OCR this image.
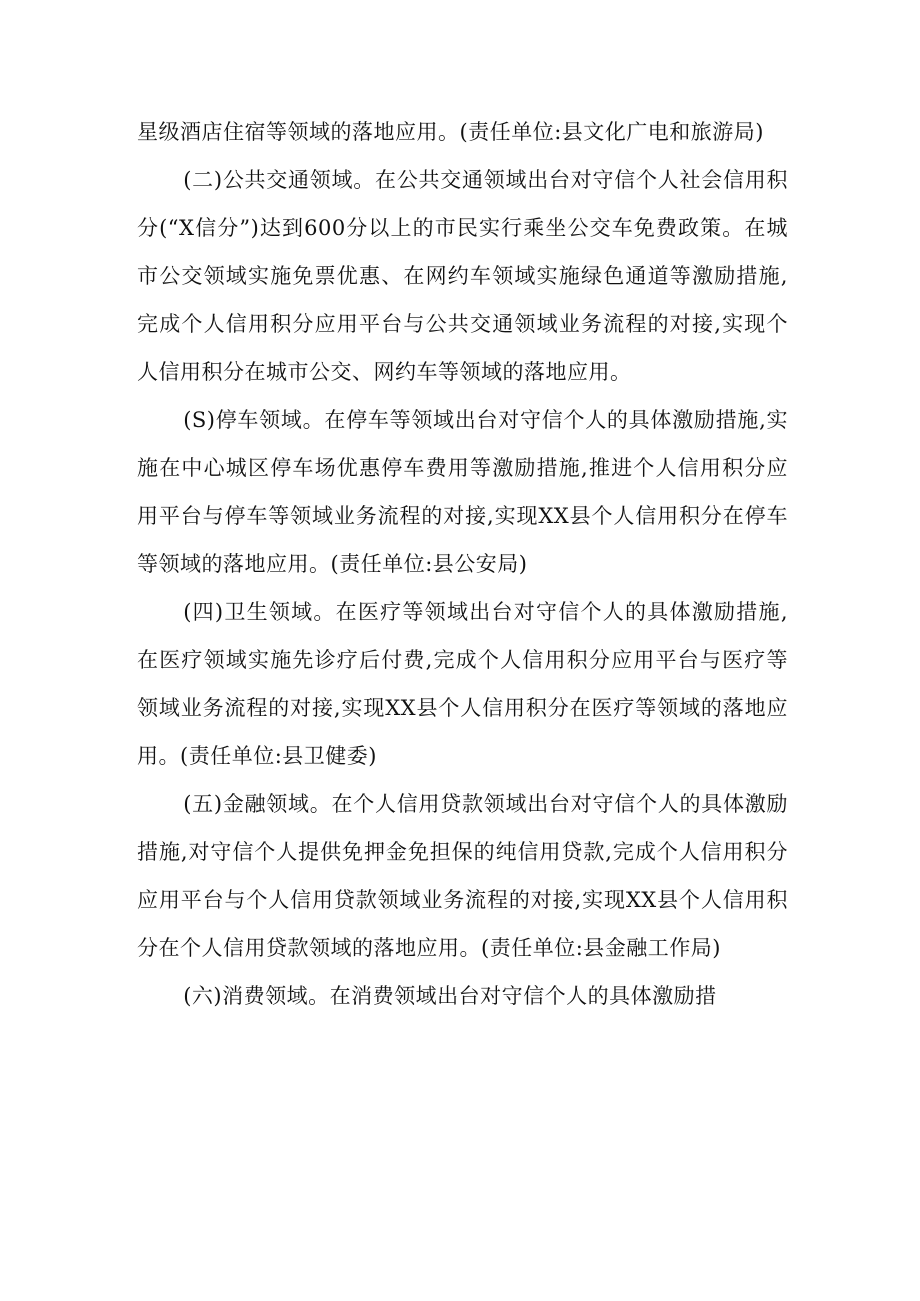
星级酒店住宿等领域的落地应用。(责任单位:县文化广电和旅游局)

(二)公共交通领域。在公共交通领域出台对守信个人社会信用积分(“X信分”)达到600分以上的市民实行乘坐公交车免费政策。在城市公交领域实施免票优惠、在网约车领域实施绿色通道等激励措施,完成个人信用积分应用平台与公共交通领域业务流程的对接,实现个人信用积分在城市公交、网约车等领域的落地应用。

(S)停车领域。在停车等领域出台对守信个人的具体激励措施,实施在中心城区停车场优惠停车费用等激励措施,推进个人信用积分应用平台与停车等领域业务流程的对接,实现XX县个人信用积分在停车等领域的落地应用。(责任单位:县公安局)

(四)卫生领域。在医疗等领域出台对守信个人的具体激励措施,在医疗领域实施先诊疗后付费,完成个人信用积分应用平台与医疗等领域业务流程的对接,实现XX县个人信用积分在医疗等领域的落地应用。(责任单位:县卫健委)

(五)金融领域。在个人信用贷款领域出台对守信个人的具体激励措施,对守信个人提供免押金免担保的纯信用贷款,完成个人信用积分应用平台与个人信用贷款领域业务流程的对接,实现XX县个人信用积分在个人信用贷款领域的落地应用。(责任单位:县金融工作局)

(六)消费领域。在消费领域出台对守信个人的具体激励措
